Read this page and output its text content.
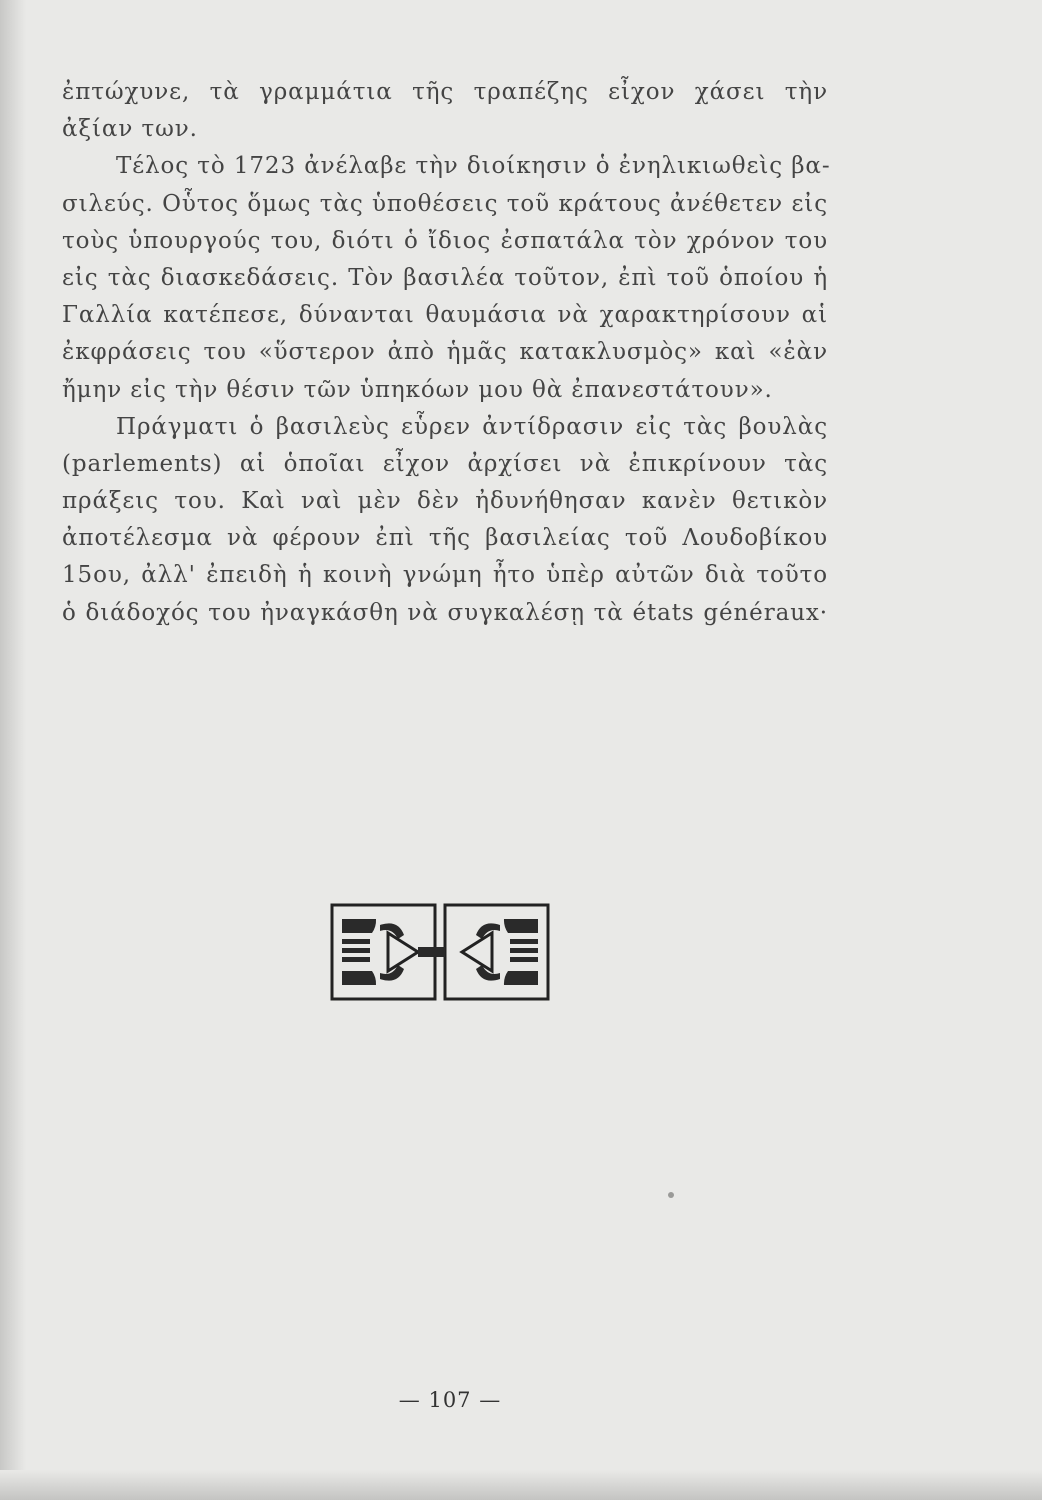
ἐπτώχυνε, τὰ γραμμάτια τῆς τραπέζης εἶχον χάσει τὴν
ἀξίαν των.
Τέλος τὸ 1723 ἀνέλαβε τὴν διοίκησιν ὁ ἐνηλικιωθεὶς βα-
σιλεύς. Οὗτος ὅμως τὰς ὑποθέσεις τοῦ κράτους ἀνέθετεν εἰς
τοὺς ὑπουργούς του, διότι ὁ ἴδιος ἐσπατάλα τὸν χρόνον του
εἰς τὰς διασκεδάσεις. Τὸν βασιλέα τοῦτον, ἐπὶ τοῦ ὁποίου ἡ
Γαλλία κατέπεσε, δύνανται θαυμάσια νὰ χαρακτηρίσουν αἱ
ἐκφράσεις του «ὕστερον ἀπὸ ἡμᾶς κατακλυσμὸς» καὶ «ἐὰν
ἤμην εἰς τὴν θέσιν τῶν ὑπηκόων μου θὰ ἐπανεστάτουν».
Πράγματι ὁ βασιλεὺς εὗρεν ἀντίδρασιν εἰς τὰς βουλὰς
(parlements) αἱ ὁποῖαι εἶχον ἀρχίσει νὰ ἐπικρίνουν τὰς
πράξεις του. Καὶ ναὶ μὲν δὲν ἠδυνήθησαν κανὲν θετικὸν
ἀποτέλεσμα νὰ φέρουν ἐπὶ τῆς βασιλείας τοῦ Λουδοβίκου
15ου, ἀλλ' ἐπειδὴ ἡ κοινὴ γνώμη ἦτο ὑπὲρ αὐτῶν διὰ τοῦτο
ὁ διάδοχός του ἠναγκάσθη νὰ συγκαλέσῃ τὰ états généraux·
— 107 —
